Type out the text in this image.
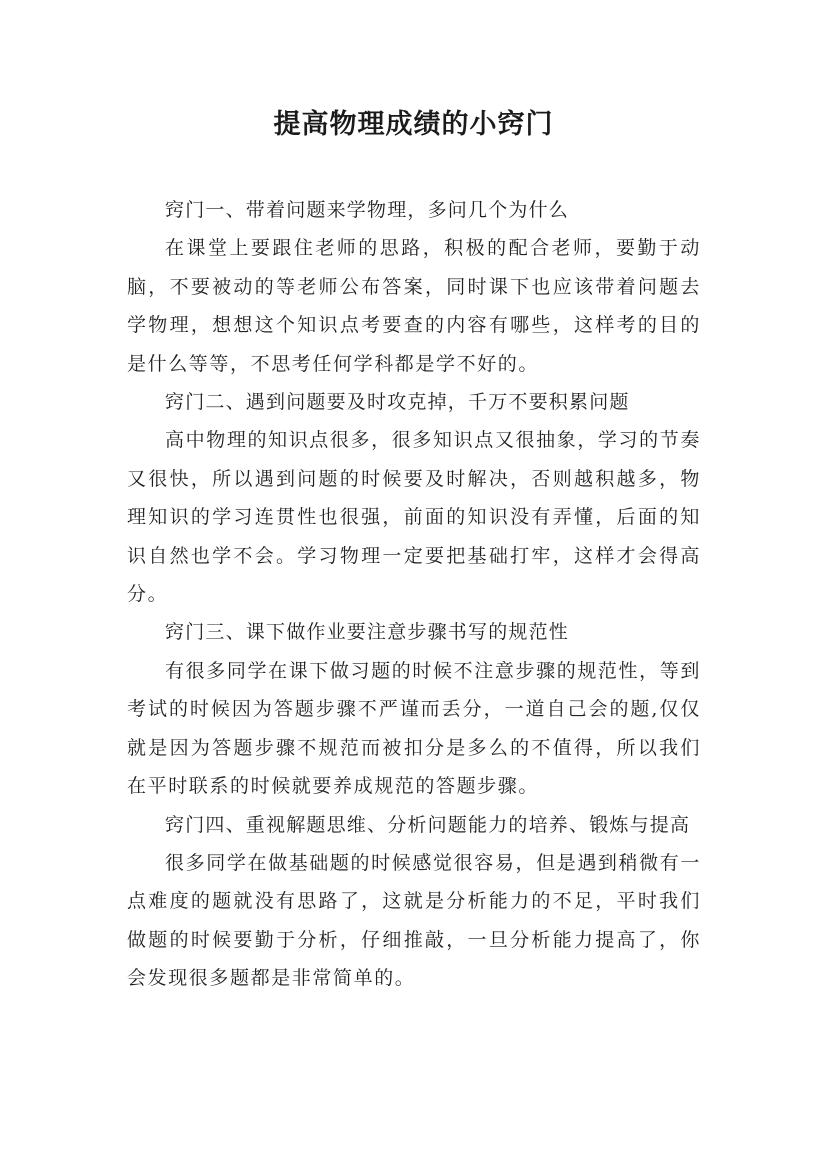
提高物理成绩的小窍门

窍门一、带着问题来学物理，多问几个为什么

在课堂上要跟住老师的思路，积极的配合老师，要勤于动脑，不要被动的等老师公布答案，同时课下也应该带着问题去学物理，想想这个知识点考要查的内容有哪些，这样考的目的是什么等等，不思考任何学科都是学不好的。

窍门二、遇到问题要及时攻克掉，千万不要积累问题

高中物理的知识点很多，很多知识点又很抽象，学习的节奏又很快，所以遇到问题的时候要及时解决，否则越积越多，物理知识的学习连贯性也很强，前面的知识没有弄懂，后面的知识自然也学不会。学习物理一定要把基础打牢，这样才会得高分。

窍门三、课下做作业要注意步骤书写的规范性

有很多同学在课下做习题的时候不注意步骤的规范性，等到考试的时候因为答题步骤不严谨而丢分，一道自己会的题,仅仅就是因为答题步骤不规范而被扣分是多么的不值得，所以我们在平时联系的时候就要养成规范的答题步骤。

窍门四、重视解题思维、分析问题能力的培养、锻炼与提高

很多同学在做基础题的时候感觉很容易，但是遇到稍微有一点难度的题就没有思路了，这就是分析能力的不足，平时我们做题的时候要勤于分析，仔细推敲，一旦分析能力提高了，你会发现很多题都是非常简单的。
